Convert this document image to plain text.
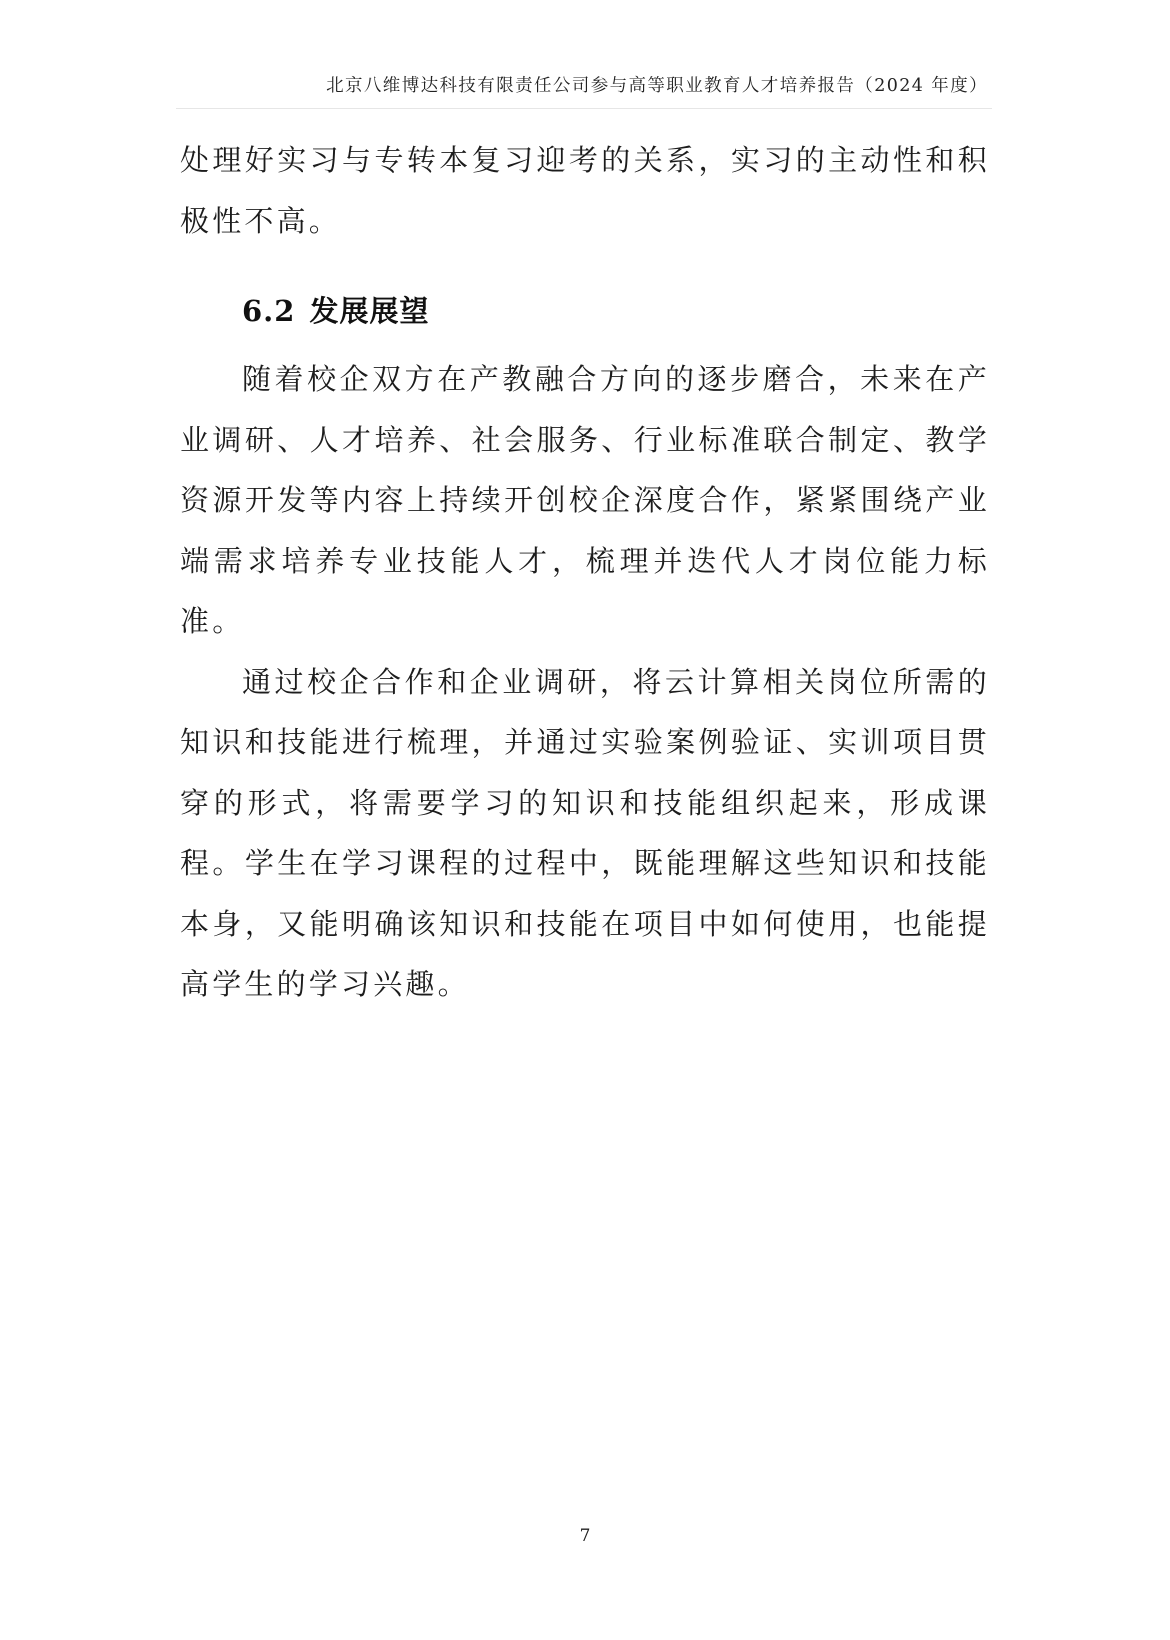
北京八维博达科技有限责任公司参与高等职业教育人才培养报告（2024 年度）

处理好实习与专转本复习迎考的关系，实习的主动性和积极性不高。

6.2 发展展望

随着校企双方在产教融合方向的逐步磨合，未来在产业调研、人才培养、社会服务、行业标准联合制定、教学资源开发等内容上持续开创校企深度合作，紧紧围绕产业端需求培养专业技能人才，梳理并迭代人才岗位能力标准。

通过校企合作和企业调研，将云计算相关岗位所需的知识和技能进行梳理，并通过实验案例验证、实训项目贯穿的形式，将需要学习的知识和技能组织起来，形成课程。学生在学习课程的过程中，既能理解这些知识和技能本身，又能明确该知识和技能在项目中如何使用，也能提高学生的学习兴趣。

7
